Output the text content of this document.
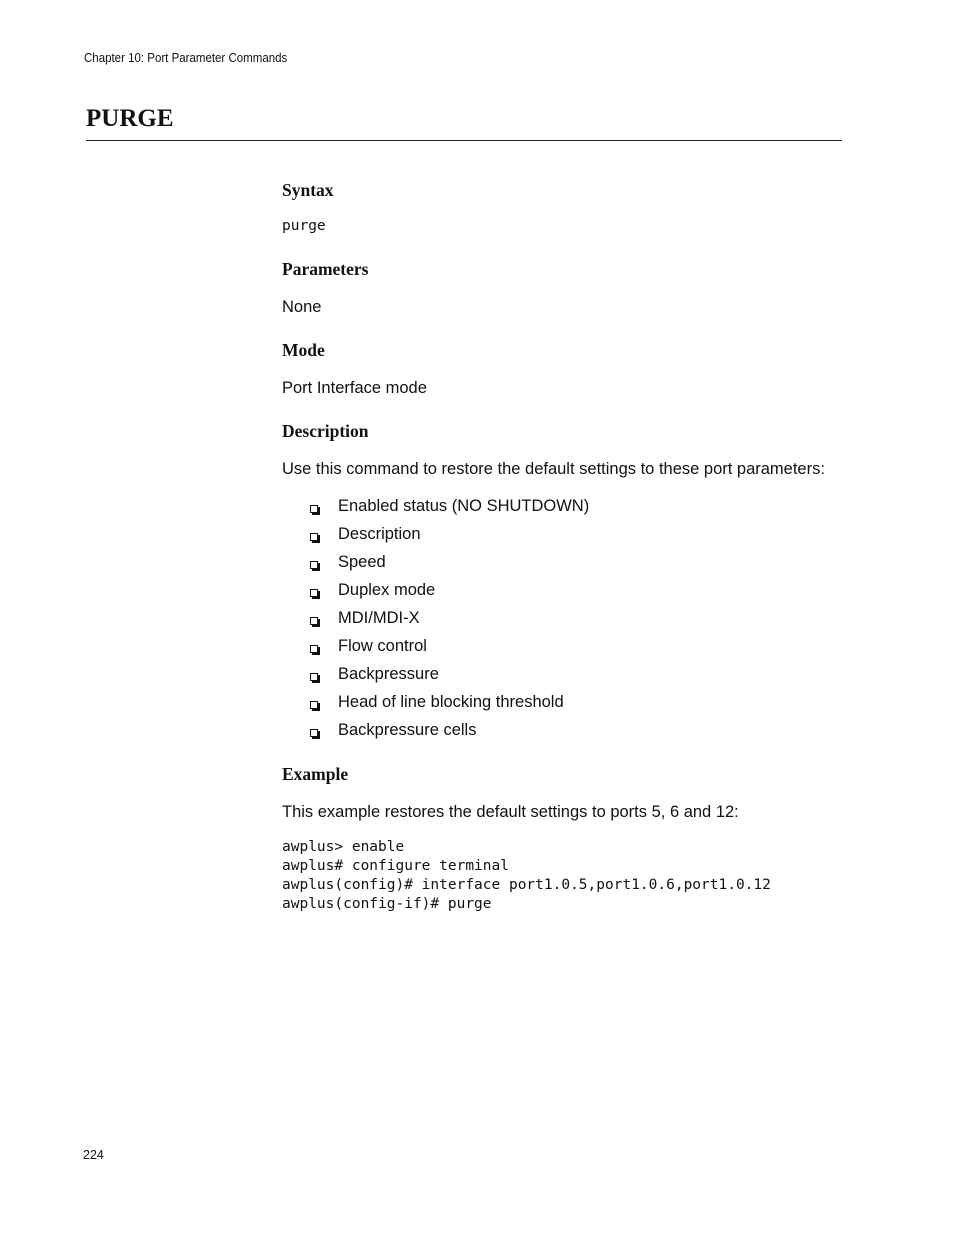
Chapter 10: Port Parameter Commands
PURGE
Syntax
purge
Parameters
None
Mode
Port Interface mode
Description
Use this command to restore the default settings to these port parameters:
Enabled status (NO SHUTDOWN)
Description
Speed
Duplex mode
MDI/MDI-X
Flow control
Backpressure
Head of line blocking threshold
Backpressure cells
Example
This example restores the default settings to ports 5, 6 and 12:
awplus> enable
awplus# configure terminal
awplus(config)# interface port1.0.5,port1.0.6,port1.0.12
awplus(config-if)# purge
224
